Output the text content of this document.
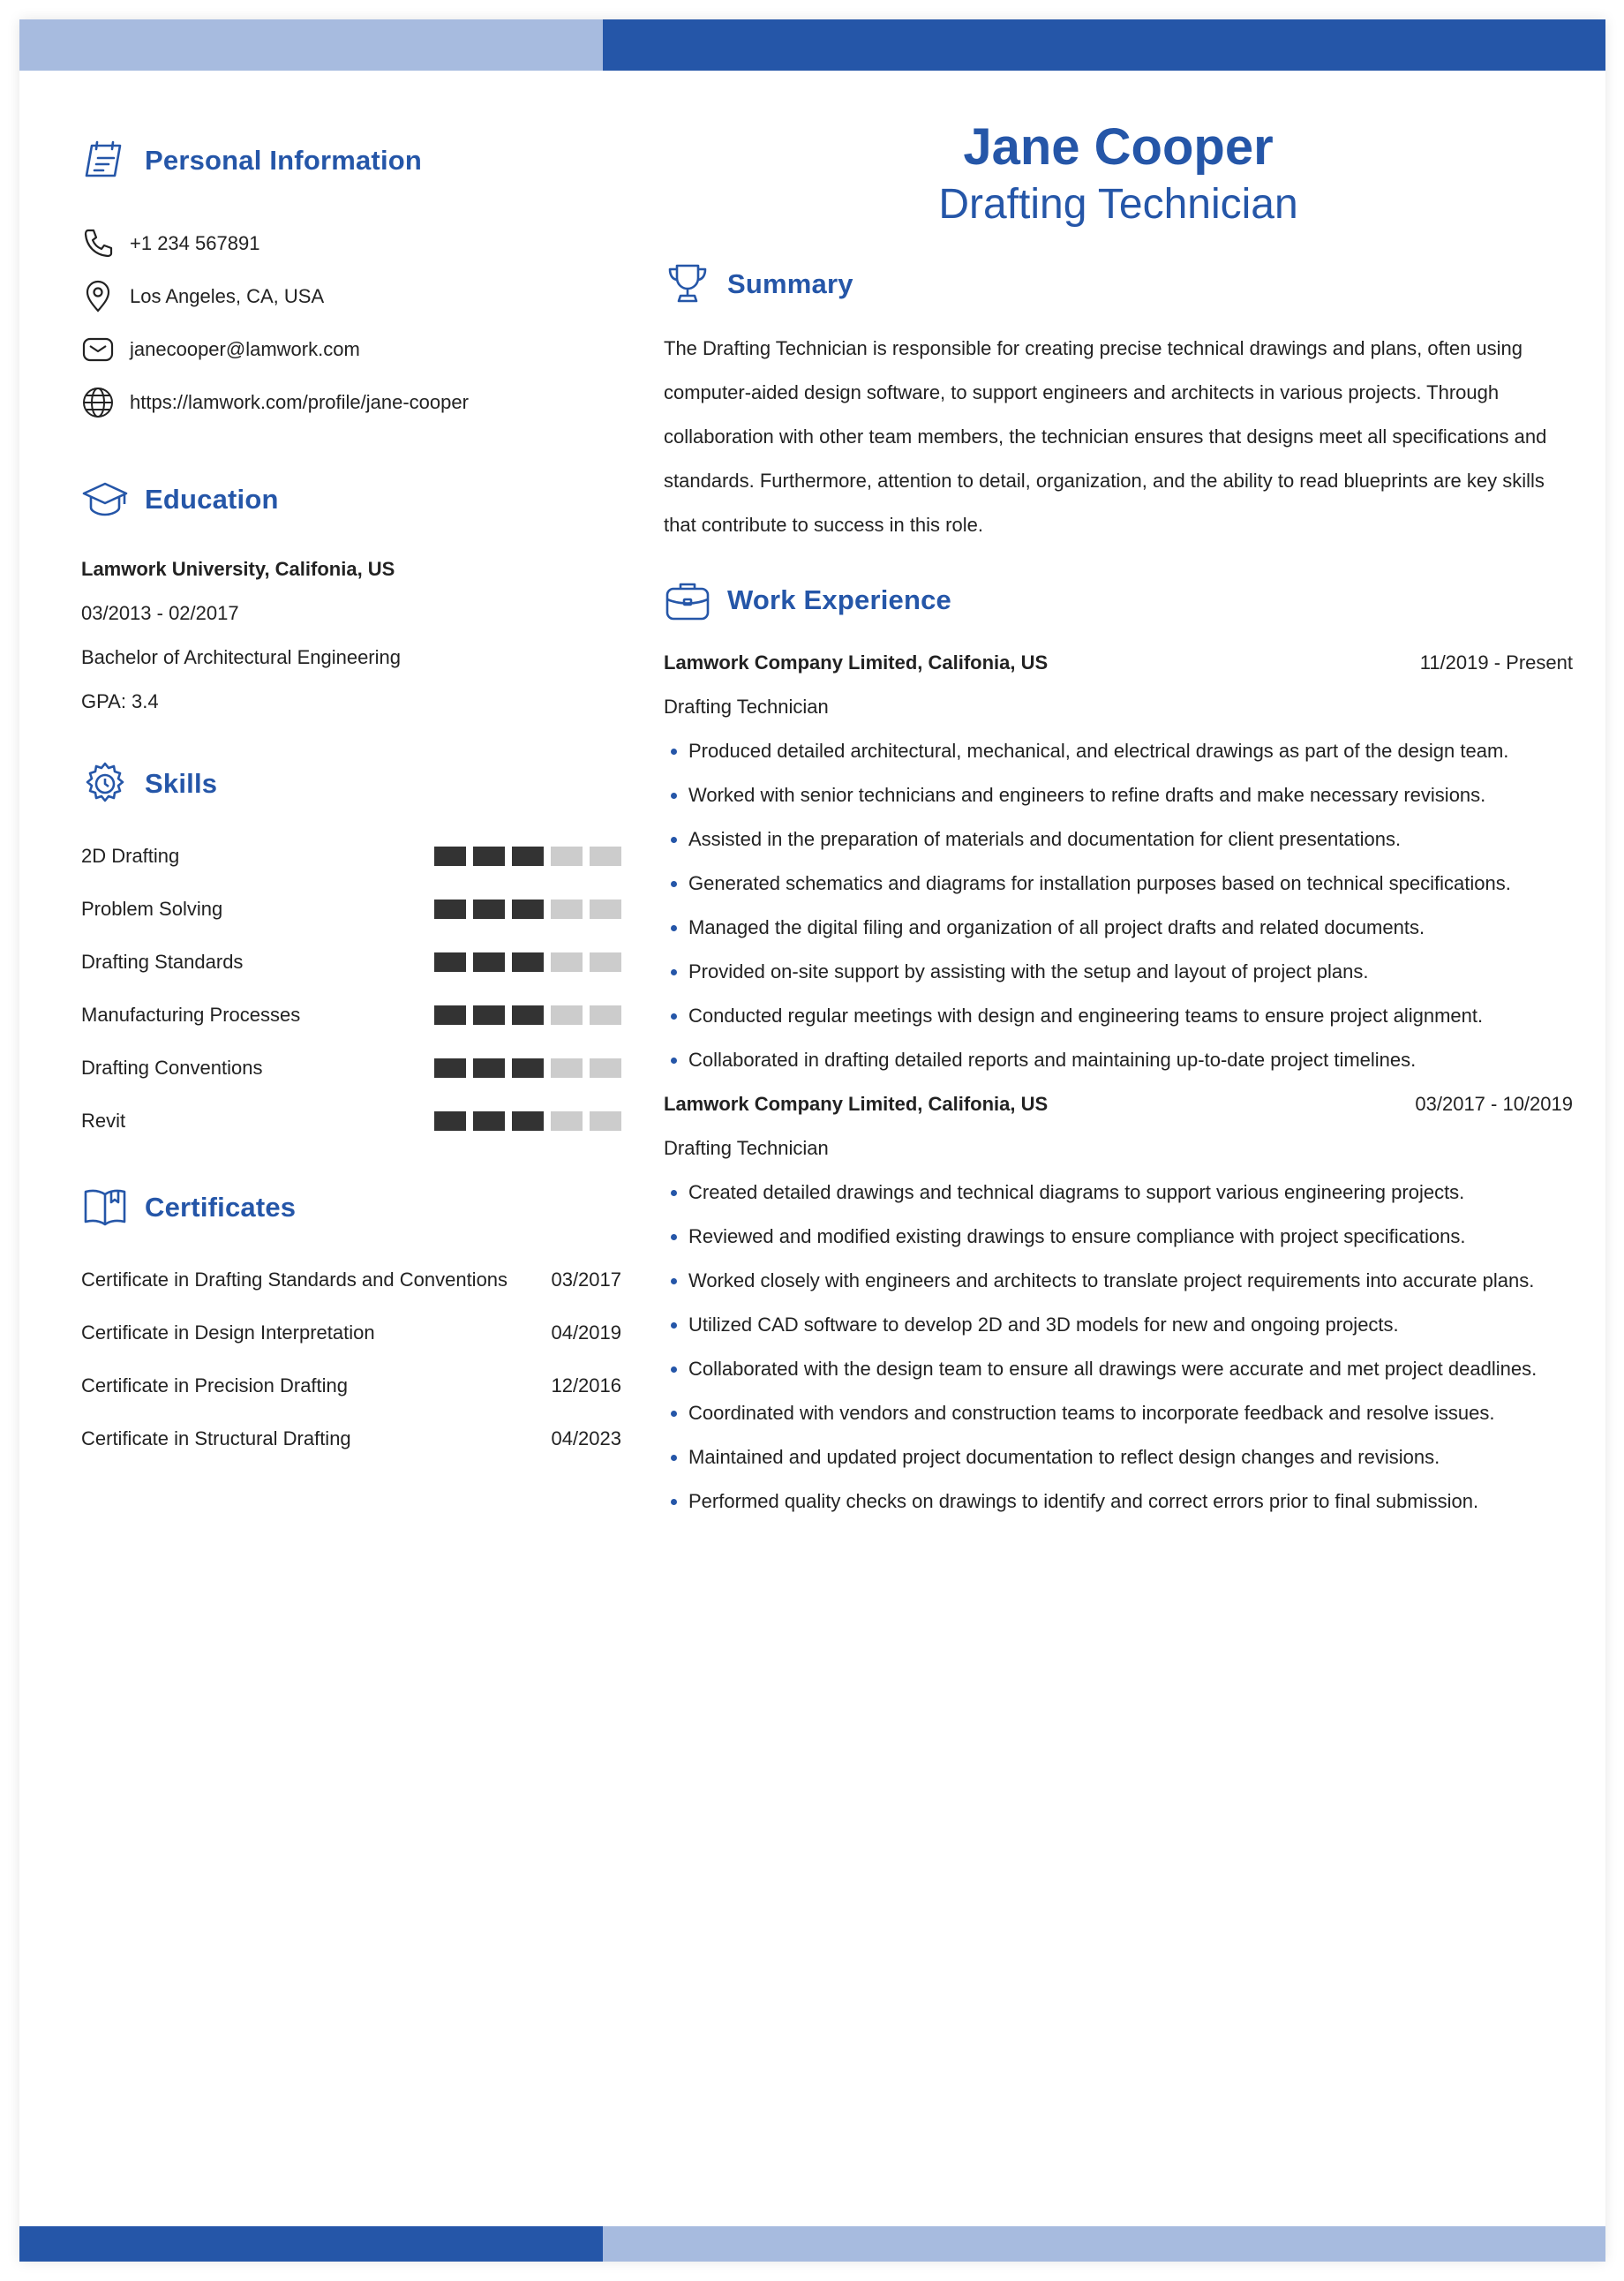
Personal Information
+1 234 567891
Los Angeles, CA, USA
janecooper@lamwork.com
https://lamwork.com/profile/jane-cooper
Education
Lamwork University, Califonia, US
03/2013 - 02/2017
Bachelor of Architectural Engineering
GPA: 3.4
Skills
2D Drafting
Problem Solving
Drafting Standards
Manufacturing Processes
Drafting Conventions
Revit
Certificates
Certificate in Drafting Standards and Conventions 03/2017
Certificate in Design Interpretation	04/2019
Certificate in Precision Drafting	12/2016
Certificate in Structural Drafting	04/2023
Jane Cooper
Drafting Technician
Summary
The Drafting Technician is responsible for creating precise technical drawings and plans, often using
computer-aided design software, to support engineers and architects in various projects. Through
collaboration with other team members, the technician ensures that designs meet all specifications and
standards. Furthermore, attention to detail, organization, and the ability to read blueprints are key skills
that contribute to success in this role.
Work Experience
Lamwork Company Limited, Califonia, US	11/2019 - Present
Drafting Technician
Produced detailed architectural, mechanical, and electrical drawings as part of the design team.
Worked with senior technicians and engineers to refine drafts and make necessary revisions.
Assisted in the preparation of materials and documentation for client presentations.
Generated schematics and diagrams for installation purposes based on technical specifications.
Managed the digital filing and organization of all project drafts and related documents.
Provided on-site support by assisting with the setup and layout of project plans.
Conducted regular meetings with design and engineering teams to ensure project alignment.
Collaborated in drafting detailed reports and maintaining up-to-date project timelines.
Lamwork Company Limited, Califonia, US	03/2017 - 10/2019
Drafting Technician
Created detailed drawings and technical diagrams to support various engineering projects.
Reviewed and modified existing drawings to ensure compliance with project specifications.
Worked closely with engineers and architects to translate project requirements into accurate plans.
Utilized CAD software to develop 2D and 3D models for new and ongoing projects.
Collaborated with the design team to ensure all drawings were accurate and met project deadlines.
Coordinated with vendors and construction teams to incorporate feedback and resolve issues.
Maintained and updated project documentation to reflect design changes and revisions.
Performed quality checks on drawings to identify and correct errors prior to final submission.
